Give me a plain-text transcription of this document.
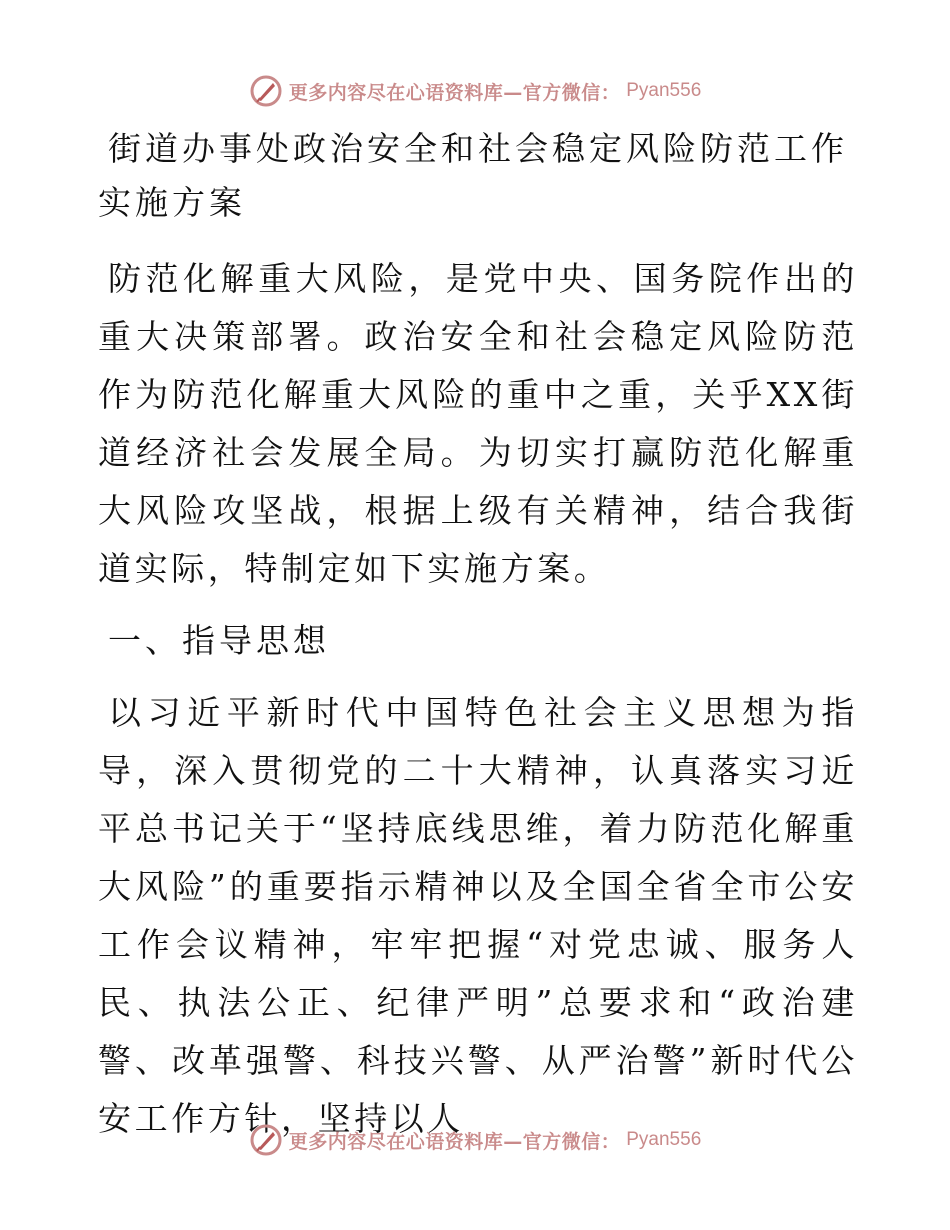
更多内容尽在心语资料库—官方微信： Pyan556
街道办事处政治安全和社会稳定风险防范工作实施方案

防范化解重大风险，是党中央、国务院作出的重大决策部署。政治安全和社会稳定风险防范作为防范化解重大风险的重中之重，关乎XX街道经济社会发展全局。为切实打赢防范化解重大风险攻坚战，根据上级有关精神，结合我街道实际，特制定如下实施方案。

一、指导思想

以习近平新时代中国特色社会主义思想为指导，深入贯彻党的二十大精神，认真落实习近平总书记关于“坚持底线思维，着力防范化解重大风险”的重要指示精神以及全国全省全市公安工作会议精神，牢牢把握“对党忠诚、服务人民、执法公正、纪律严明”总要求和“政治建警、改革强警、科技兴警、从严治警”新时代公安工作方针，坚持以人

更多内容尽在心语资料库—官方微信： Pyan556
